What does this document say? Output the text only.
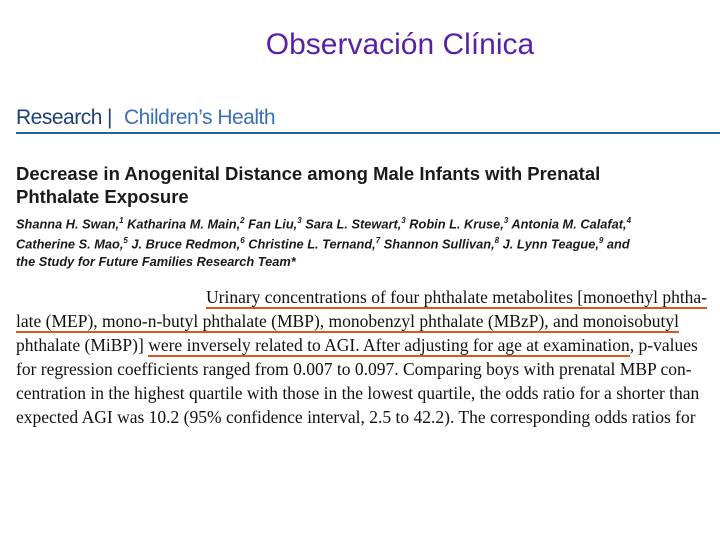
Observación Clínica
Research | Children’s Health
Decrease in Anogenital Distance among Male Infants with Prenatal
Phthalate Exposure
Shanna H. Swan,$^1$ Katharina M. Main,$^2$ Fan Liu,$^3$ Sara L. Stewart,$^3$ Robin L. Kruse,$^3$ Antonia M. Calafat,$^4$
Catherine S. Mao,$^5$ J. Bruce Redmon,$^6$ Christine L. Ternand,$^7$ Shannon Sullivan,$^8$ J. Lynn Teague,$^9$ and
the Study for Future Families Research Team*
Urinary concentrations of four phthalate metabolites [monoethyl phtha-
late (MEP), mono-n-butyl phthalate (MBP), monobenzyl phthalate (MBzP), and monoisobutyl
phthalate (MiBP)] were inversely related to AGI. After adjusting for age at examination, p-values
for regression coefficients ranged from 0.007 to 0.097. Comparing boys with prenatal MBP con-
centration in the highest quartile with those in the lowest quartile, the odds ratio for a shorter than
expected AGI was 10.2 (95% confidence interval, 2.5 to 42.2). The corresponding odds ratios for
